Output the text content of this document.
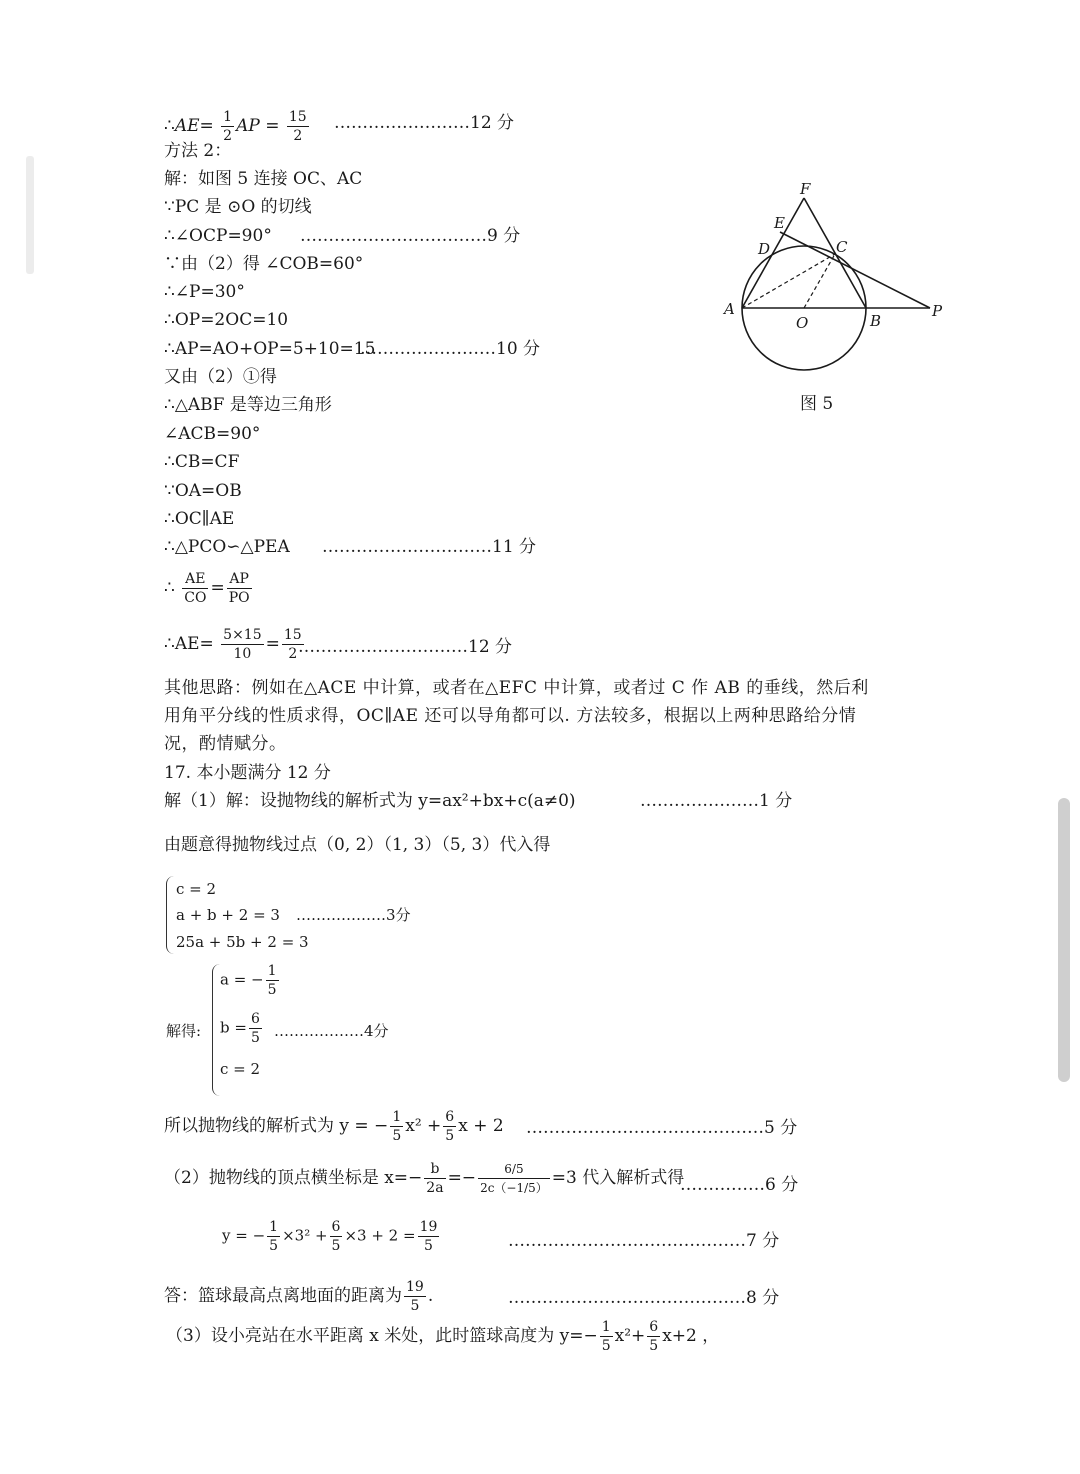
∴AE= $\frac{1}{2}$ AP = $\frac{15}{2}$ ……………………12 分
方法 2：
解：如图 5 连接 OC、AC
∵PC 是 ⊙O 的切线
∴∠OCP=90° ……………………………9 分
∵由（2）得 ∠COB=60°
∴∠P=30°
∴OP=2OC=10
∴AP=AO+OP=5+10=15
……………………10 分
又由（2）①得
∴△ABF 是等边三角形
∠ACB=90°
∴CB=CF
∵OA=OB
∴OC∥AE
∴△PCO∽△PEA …………………………11 分
∴ $\frac{AE}{CO} = \frac{AP}{PO}$
∴AE= $\frac{5\times 15}{10} = \frac{15}{2}$
…………………………12 分
其他思路：例如在△ACE 中计算，或者在△EFC 中计算，或者过 C 作 AB 的垂线，然后利
用角平分线的性质求得，OC∥AE 还可以导角都可以. 方法较多，根据以上两种思路给分情
况，酌情赋分。
17. 本小题满分 12 分
解（1）解：设抛物线的解析式为 y=ax²+bx+c(a≠0)	…………………1 分
由题意得抛物线过点（0, 2）（1, 3）（5, 3）代入得
c = 2
a + b + 2 = 3
25a + 5b + 2 = 3
………………3分
解得:
a = − $\frac{1}{5}$
$b = \frac{6}{5}$
c = 2
………………4分
所以抛物线的解析式为 y = − $\frac{1}{5} x^2 + \frac{6}{5}$ x + 2 ……………………………………5 分
（2）抛物线的顶点横坐标是 $x=- \frac{b}{2a} =- \frac{6/5}{2c(-1/5)} =3$ 代入解析式得
……………6 分
y = − $\frac{1}{5} \times 3^2 + \frac{6}{5} \times 3 + 2 = \frac{19}{5}$	……………………………………7 分
答：篮球最高点离地面的距离为 $\frac{19}{5}$ .	……………………………………8 分
（3）设小亮站在水平距离 x 米处，此时篮球高度为 $y=- \frac{1}{5} x^2+ \frac{6}{5} x+2$ ，
F
E
D	C
A
O	B
P
图 5
